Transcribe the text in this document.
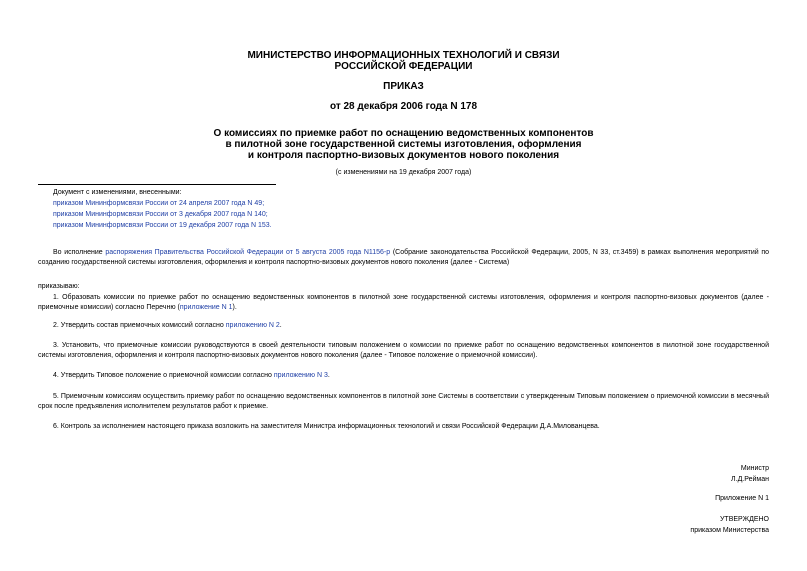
МИНИСТЕРСТВО ИНФОРМАЦИОННЫХ ТЕХНОЛОГИЙ И СВЯЗИ
РОССИЙСКОЙ ФЕДЕРАЦИИ
ПРИКАЗ
от 28 декабря 2006 года N 178
О комиссиях по приемке работ по оснащению ведомственных компонентов
в пилотной зоне государственной системы изготовления, оформления
и контроля паспортно-визовых документов нового поколения
(с изменениями на 19 декабря 2007 года)
Документ с изменениями, внесенными:
приказом Мининформсвязи России от 24 апреля 2007 года N 49;
приказом Мининформсвязи России от 3 декабря 2007 года N 140;
приказом Мининформсвязи России от 19 декабря 2007 года N 153.
Во исполнение распоряжения Правительства Российской Федерации от 5 августа 2005 года N1156-р (Собрание законодательства Российской Федерации, 2005, N 33, ст.3459) в рамках выполнения мероприятий по созданию государственной системы изготовления, оформления и контроля паспортно-визовых документов нового поколения (далее - Система)
приказываю:
1. Образовать комиссии по приемке работ по оснащению ведомственных компонентов в пилотной зоне государственной системы изготовления, оформления и контроля паспортно-визовых документов (далее - приемочные комиссии) согласно Перечню (приложение N 1).
2. Утвердить состав приемочных комиссий согласно приложению N 2.
3. Установить, что приемочные комиссии руководствуются в своей деятельности типовым положением о комиссии по приемке работ по оснащению ведомственных компонентов в пилотной зоне государственной системы изготовления, оформления и контроля паспортно-визовых документов нового поколения (далее - Типовое положение о приемочной комиссии).
4. Утвердить Типовое положение о приемочной комиссии согласно приложению N 3.
5. Приемочным комиссиям осуществить приемку работ по оснащению ведомственных компонентов в пилотной зоне Системы в соответствии с утвержденным Типовым положением о приемочной комиссии в месячный срок после предъявления исполнителем результатов работ к приемке.
6. Контроль за исполнением настоящего приказа возложить на заместителя Министра информационных технологий и связи Российской Федерации Д.А.Милованцева.
Министр
Л.Д.Рейман
Приложение N 1
УТВЕРЖДЕНО
приказом Министерства
